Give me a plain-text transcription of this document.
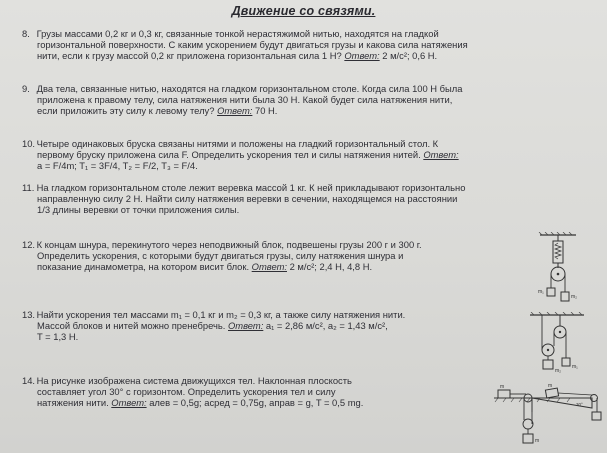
Движение со связями.
8. Грузы массами 0,2 кг и 0,3 кг, связанные тонкой нерастяжимой нитью, находятся на гладкой
горизонтальной поверхности. С каким ускорением будут двигаться грузы и какова сила натяжения
нити, если к грузу массой 0,2 кг приложена горизонтальная сила 1 Н? Ответ: 2 м/с²; 0,6 Н.
9. Два тела, связанные нитью, находятся на гладком горизонтальном столе. Когда сила 100 Н была
приложена к правому телу, сила натяжения нити была 30 Н. Какой будет сила натяжения нити,
если приложить эту силу к левому телу? Ответ: 70 Н.
10. Четыре одинаковых бруска связаны нитями и положены на гладкий горизонтальный стол. К
первому бруску приложена сила F. Определить ускорения тел и силы натяжения нитей. Ответ:
a = F/4m; T₁ = 3F/4, T₂ = F/2, T₃ = F/4.
11. На гладком горизонтальном столе лежит веревка массой 1 кг. К ней прикладывают горизонтально
направленную силу 2 Н. Найти силу натяжения веревки в сечении, находящемся на расстоянии
1/3 длины веревки от точки приложения силы.
12. К концам шнура, перекинутого через неподвижный блок, подвешены грузы 200 г и 300 г.
Определить ускорения, с которыми будут двигаться грузы, силу натяжения шнура и
показание динамометра, на котором висит блок. Ответ: 2 м/с²; 2,4 Н, 4,8 Н.
13. Найти ускорения тел массами m₁ = 0,1 кг и m₂ = 0,3 кг, а также силу натяжения нити.
Массой блоков и нитей можно пренебречь. Ответ: a₁ = 2,86 м/с², a₂ = 1,43 м/с²,
T = 1,3 Н.
14. На рисунке изображена система движущихся тел. Наклонная плоскость
составляет угол 30° с горизонтом. Определить ускорения тел и силу
натяжения нити. Ответ: aлев = 0,5g; aсред = 0,75g, aправ = g, T = 0,5 mg.
m₁
m₂
m₁
m₂
m	m
m
30°
